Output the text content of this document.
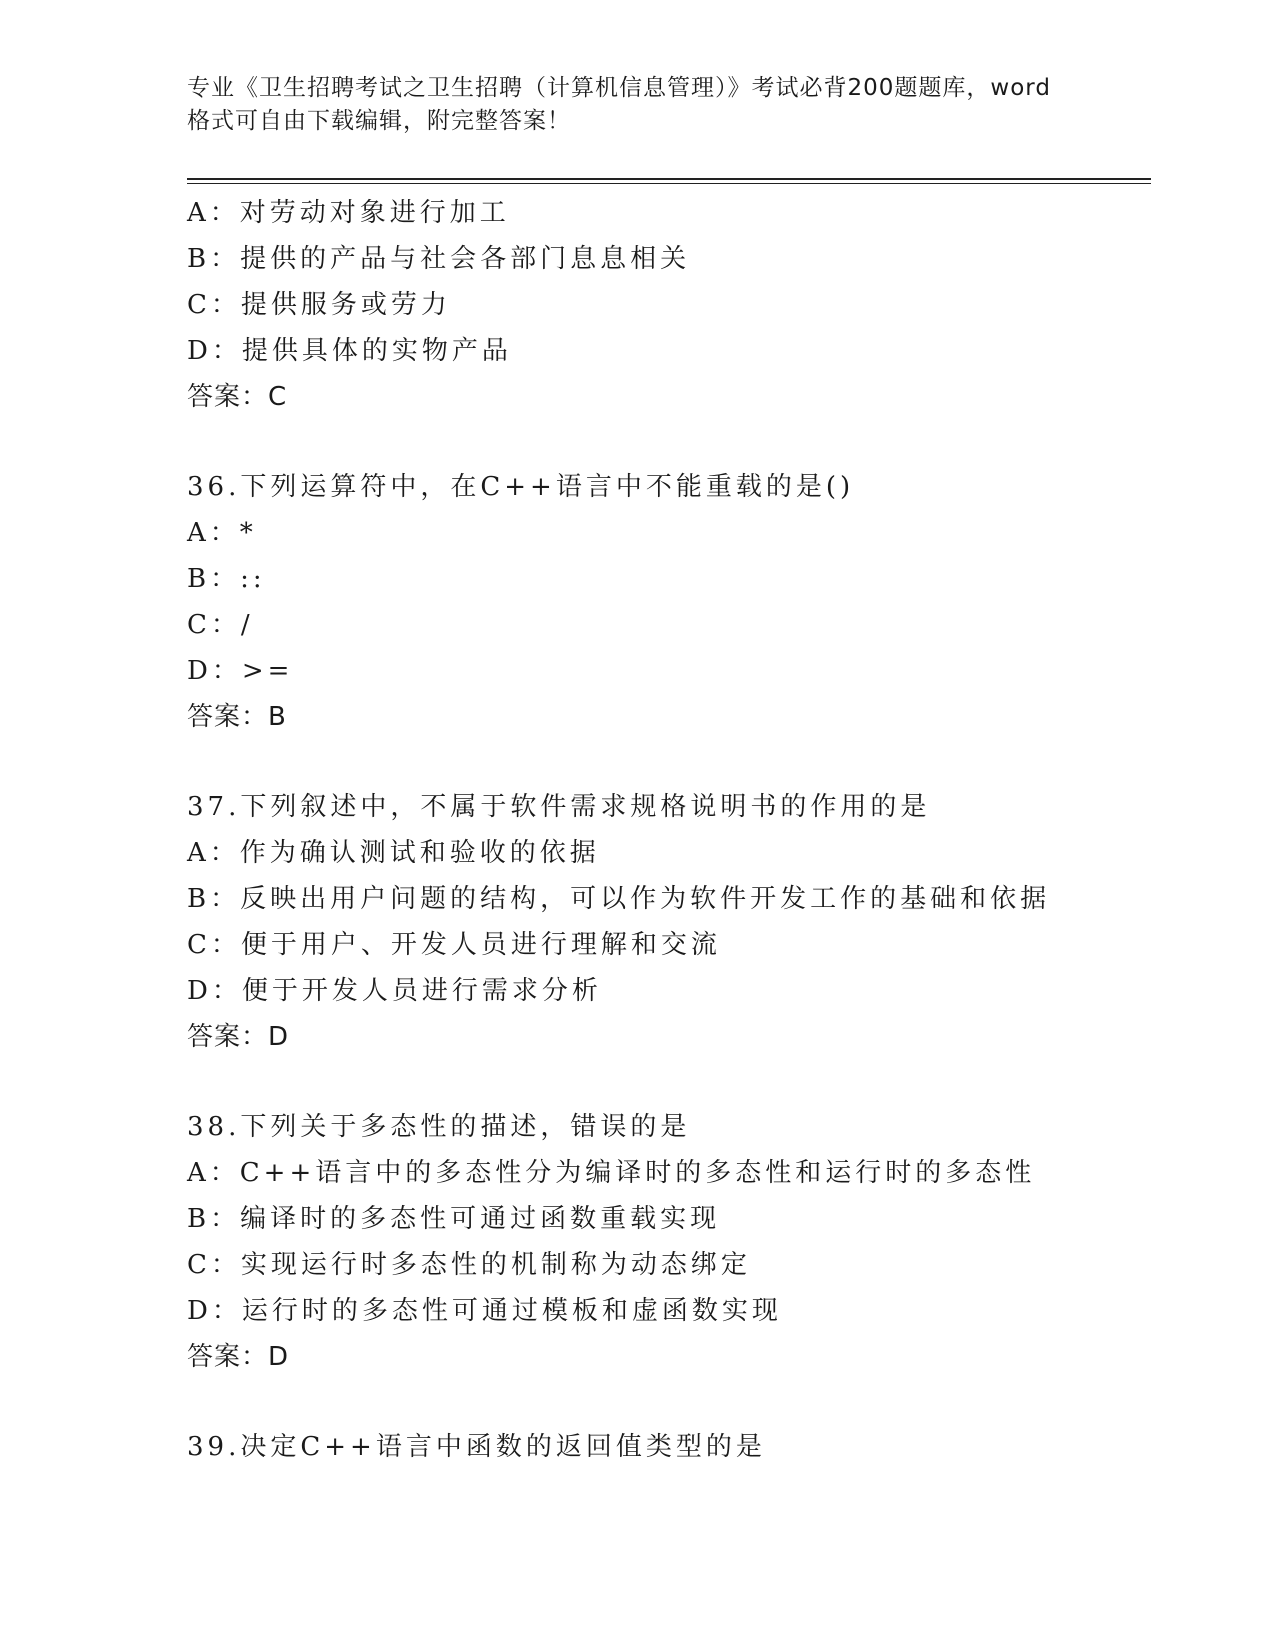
专业《卫生招聘考试之卫生招聘（计算机信息管理）》考试必背200题题库，word
格式可自由下载编辑，附完整答案！
A：对劳动对象进行加工
B：提供的产品与社会各部门息息相关
C：提供服务或劳力
D：提供具体的实物产品
答案：C
36.下列运算符中，在C++语言中不能重载的是()
A：*
B：::
C：/
D：>=
答案：B
37.下列叙述中，不属于软件需求规格说明书的作用的是
A：作为确认测试和验收的依据
B：反映出用户问题的结构，可以作为软件开发工作的基础和依据
C：便于用户、开发人员进行理解和交流
D：便于开发人员进行需求分析
答案：D
38.下列关于多态性的描述，错误的是
A：C++语言中的多态性分为编译时的多态性和运行时的多态性
B：编译时的多态性可通过函数重载实现
C：实现运行时多态性的机制称为动态绑定
D：运行时的多态性可通过模板和虚函数实现
答案：D
39.决定C++语言中函数的返回值类型的是
